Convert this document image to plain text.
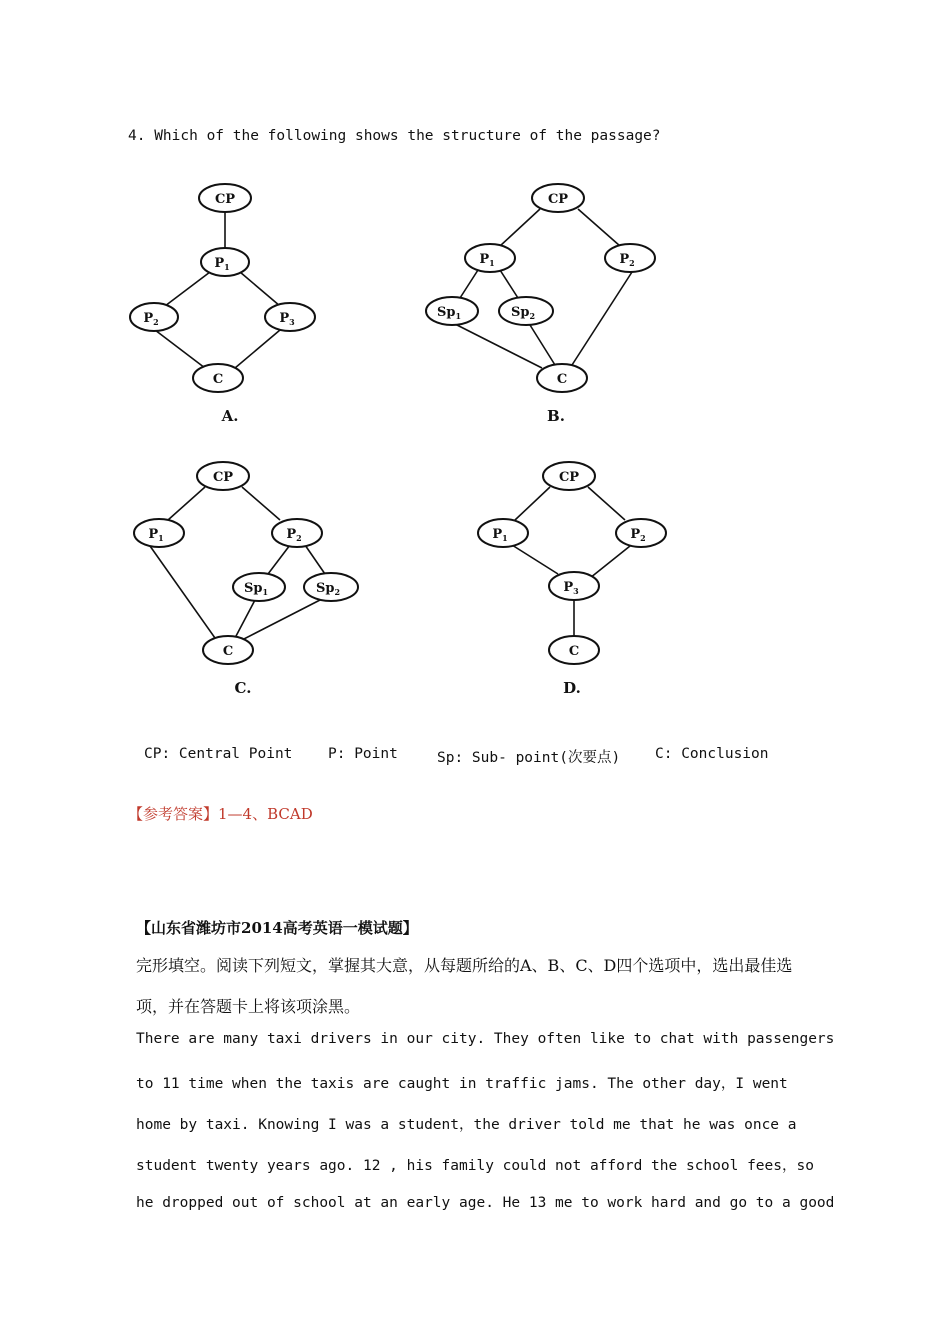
4. Which of the following shows the structure of the passage?
CP
$P_1$
$P_2$	$P_3$
C
A.
CP
$P_1$	$P_2$
$Sp_1$	$Sp_2$
C
B.
CP
$P_1$	$P_2$
$Sp_1$	$Sp_2$
C
C.
CP
$P_1$	$P_2$
$P_3$
C
D.
CP: Central Point P: Point	Sp: Sub- point(次要点) C: Conclusion
【参考答案】1—4、BCAD
【山东省潍坊市2014高考英语一模试题】
完形填空。阅读下列短文，掌握其大意，从每题所给的A、B、C、D四个选项中，选出最佳选
项，并在答题卡上将该项涂黑。
There are many taxi drivers in our city. They often like to chat with passengers
to 11 time when the taxis are caught in traffic jams. The other day，I went
home by taxi. Knowing I was a student，the driver told me that he was once a
student twenty years ago. 12 , his family could not afford the school fees，so
he dropped out of school at an early age. He 13 me to work hard and go to a good
